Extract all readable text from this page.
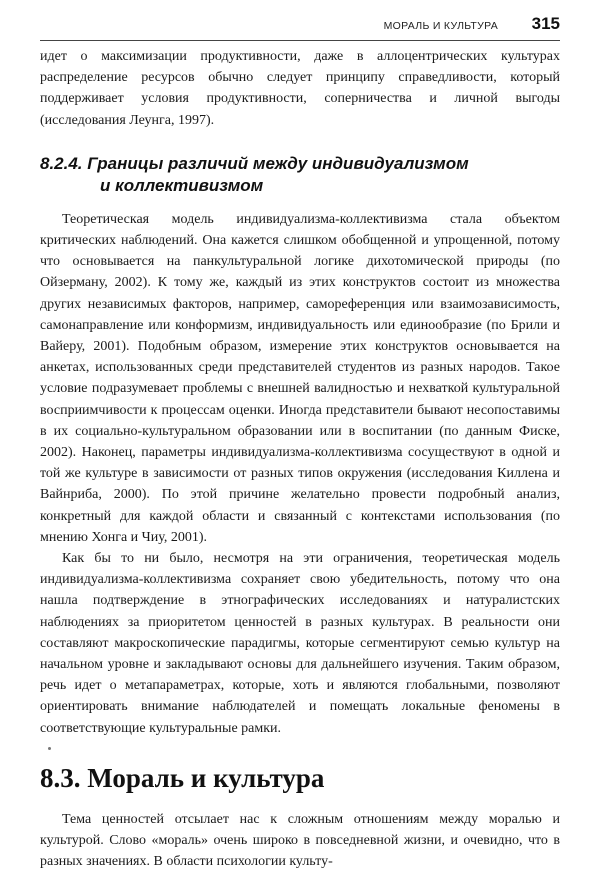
МОРАЛЬ И КУЛЬТУРА 315

идет о максимизации продуктивности, даже в аллоцентрических культурах распределение ресурсов обычно следует принципу справедливости, который поддерживает условия продуктивности, соперничества и личной выгоды (исследования Леунга, 1997).

8.2.4. Границы различий между индивидуализмом
и коллективизмом

Теоретическая модель индивидуализма-коллективизма стала объектом критических наблюдений. Она кажется слишком обобщенной и упрощенной, потому что основывается на панкультуральной логике дихотомической природы (по Ойзерману, 2002). К тому же, каждый из этих конструктов состоит из множества других независимых факторов, например, самореференция или взаимозависимость, самонаправление или конформизм, индивидуальность или единообразие (по Брили и Вайеру, 2001). Подобным образом, измерение этих конструктов основывается на анкетах, использованных среди представителей студентов из разных народов. Такое условие подразумевает проблемы с внешней валидностью и нехваткой культуральной восприимчивости к процессам оценки. Иногда представители бывают несопоставимы в их социально-культуральном образовании или в воспитании (по данным Фиске, 2002). Наконец, параметры индивидуализма-коллективизма сосуществуют в одной и той же культуре в зависимости от разных типов окружения (исследования Киллена и Вайнриба, 2000). По этой причине желательно провести подробный анализ, конкретный для каждой области и связанный с контекстами использования (по мнению Хонга и Чиу, 2001).

Как бы то ни было, несмотря на эти ограничения, теоретическая модель индивидуализма-коллективизма сохраняет свою убедительность, потому что она нашла подтверждение в этнографических исследованиях и натуралистских наблюдениях за приоритетом ценностей в разных культурах. В реальности они составляют макроскопические парадигмы, которые сегментируют семью культур на начальном уровне и закладывают основы для дальнейшего изучения. Таким образом, речь идет о метапараметрах, которые, хоть и являются глобальными, позволяют ориентировать внимание наблюдателей и помещать локальные феномены в соответствующие культуральные рамки.

8.3. Мораль и культура

Тема ценностей отсылает нас к сложным отношениям между моралью и культурой. Слово «мораль» очень широко в повседневной жизни, и очевидно, что в разных значениях. В области психологии культу-
